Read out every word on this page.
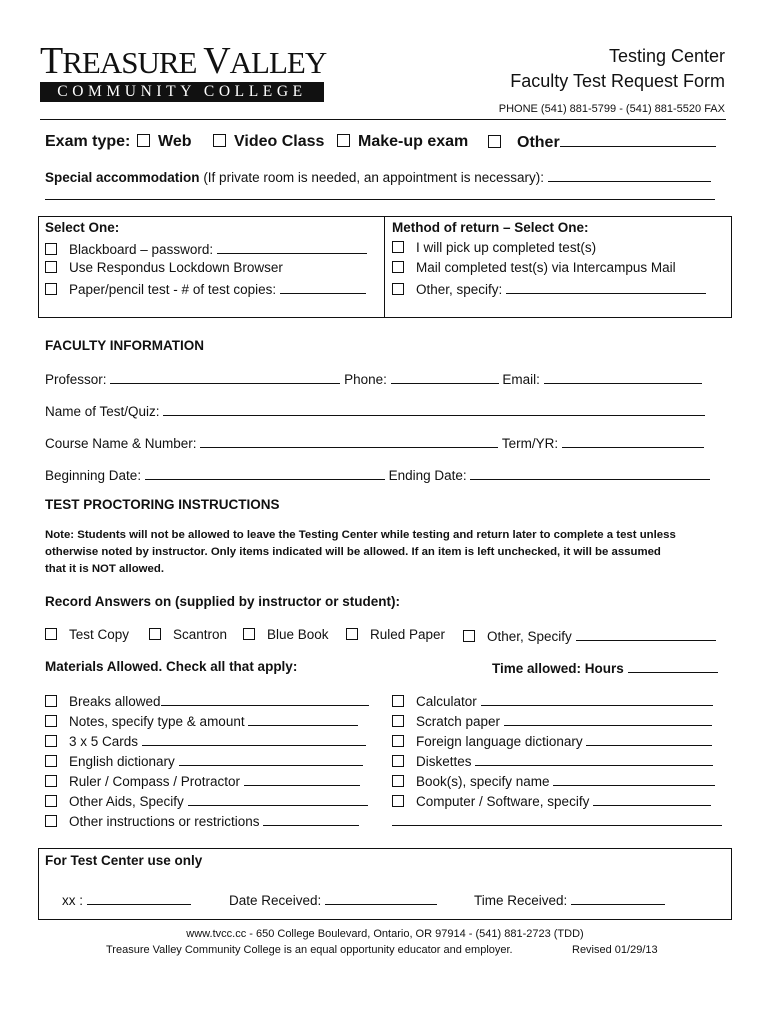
TREASURE VALLEY
COMMUNITY COLLEGE
Testing Center
Faculty Test Request Form
PHONE (541) 881-5799 - (541) 881-5520 FAX
Exam type:	Web	Video Class	Make-up exam	Other
Special accommodation (If private room is needed, an appointment is necessary):
Select One:
Blackboard – password:
Use Respondus Lockdown Browser
Paper/pencil test - # of test copies:
Method of return – Select One:
I will pick up completed test(s)
Mail completed test(s) via Intercampus Mail
Other, specify:
FACULTY INFORMATION
Professor:	Phone:	Email:
Name of Test/Quiz:
Course Name & Number:	Term/YR:
Beginning Date:	Ending Date:
TEST PROCTORING INSTRUCTIONS
Note: Students will not be allowed to leave the Testing Center while testing and return later to complete a test unless
otherwise noted by instructor. Only items indicated will be allowed. If an item is left unchecked, it will be assumed
that it is NOT allowed.
Record Answers on (supplied by instructor or student):
Test Copy	Scantron	Blue Book	Ruled Paper	Other, Specify
Materials Allowed. Check all that apply:	Time allowed: Hours
Breaks allowed
Notes, specify type & amount
3 x 5 Cards
English dictionary
Ruler / Compass / Protractor
Other Aids, Specify
Other instructions or restrictions
Calculator
Scratch paper
Foreign language dictionary
Diskettes
Book(s), specify name
Computer / Software, specify
For Test Center use only
xx :	Date Received:	Time Received:
www.tvcc.cc - 650 College Boulevard, Ontario, OR 97914 - (541) 881-2723 (TDD)
Treasure Valley Community College is an equal opportunity educator and employer.	Revised 01/29/13
